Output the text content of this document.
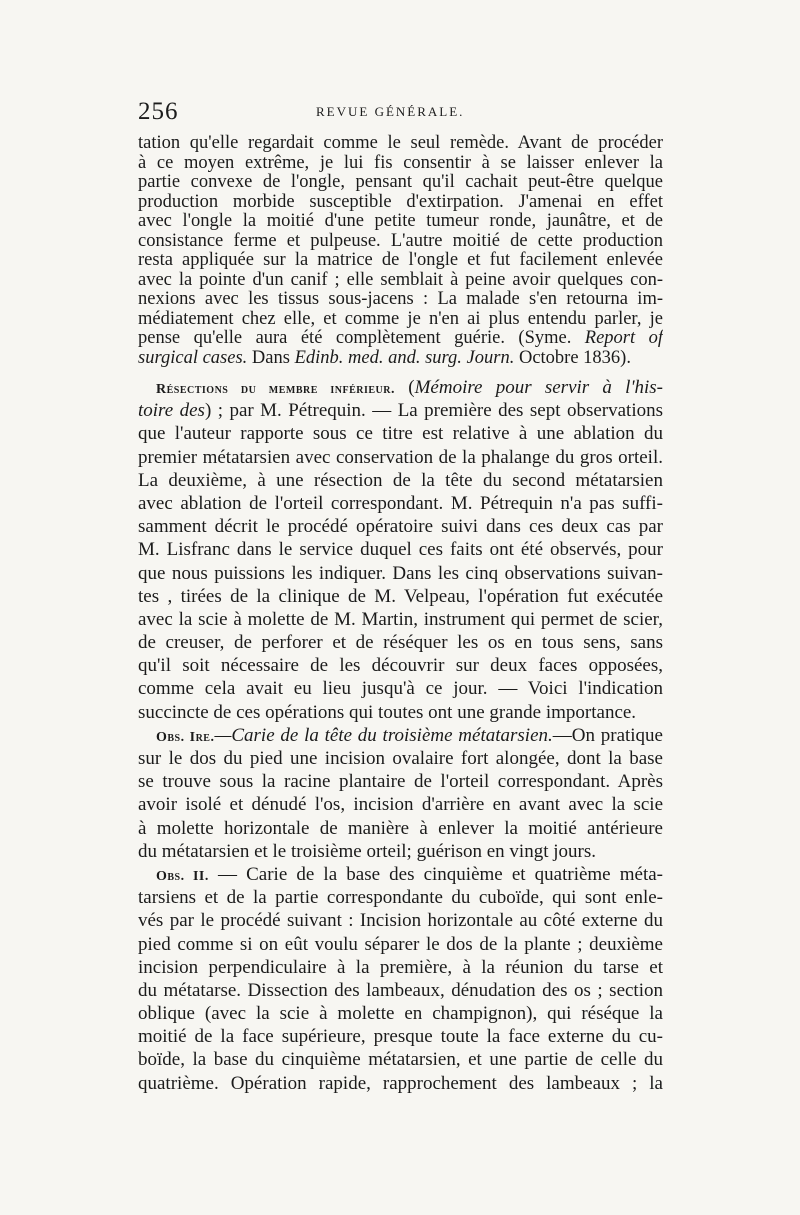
256	REVUE GÉNÉRALE.
tation qu'elle regardait comme le seul remède. Avant de procéder
à ce moyen extrême, je lui fis consentir à se laisser enlever la
partie convexe de l'ongle, pensant qu'il cachait peut-être quelque
production morbide susceptible d'extirpation. J'amenai en effet
avec l'ongle la moitié d'une petite tumeur ronde, jaunâtre, et de
consistance ferme et pulpeuse. L'autre moitié de cette production
resta appliquée sur la matrice de l'ongle et fut facilement enlevée
avec la pointe d'un canif ; elle semblait à peine avoir quelques con-
nexions avec les tissus sous-jacens : La malade s'en retourna im-
médiatement chez elle, et comme je n'en ai plus entendu parler, je
pense qu'elle aura été complètement guérie. (Syme. Report of
surgical cases. Dans Edinb. med. and. surg. Journ. Octobre 1836).
Résections du membre inférieur. (Mémoire pour servir à l'his-
toire des) ; par M. Pétrequin. — La première des sept observations
que l'auteur rapporte sous ce titre est relative à une ablation du
premier métatarsien avec conservation de la phalange du gros orteil.
La deuxième, à une résection de la tête du second métatarsien
avec ablation de l'orteil correspondant. M. Pétrequin n'a pas suffi-
samment décrit le procédé opératoire suivi dans ces deux cas par
M. Lisfranc dans le service duquel ces faits ont été observés, pour
que nous puissions les indiquer. Dans les cinq observations suivan-
tes , tirées de la clinique de M. Velpeau, l'opération fut exécutée
avec la scie à molette de M. Martin, instrument qui permet de scier,
de creuser, de perforer et de réséquer les os en tous sens, sans
qu'il soit nécessaire de les découvrir sur deux faces opposées,
comme cela avait eu lieu jusqu'à ce jour. — Voici l'indication
succincte de ces opérations qui toutes ont une grande importance.
Obs. Ire.—Carie de la tête du troisième métatarsien.—On pratique
sur le dos du pied une incision ovalaire fort alongée, dont la base
se trouve sous la racine plantaire de l'orteil correspondant. Après
avoir isolé et dénudé l'os, incision d'arrière en avant avec la scie
à molette horizontale de manière à enlever la moitié antérieure
du métatarsien et le troisième orteil; guérison en vingt jours.
Obs. II. — Carie de la base des cinquième et quatrième méta-
tarsiens et de la partie correspondante du cuboïde, qui sont enle-
vés par le procédé suivant : Incision horizontale au côté externe du
pied comme si on eût voulu séparer le dos de la plante ; deuxième
incision perpendiculaire à la première, à la réunion du tarse et
du métatarse. Dissection des lambeaux, dénudation des os ; section
oblique (avec la scie à molette en champignon), qui réséque la
moitié de la face supérieure, presque toute la face externe du cu-
boïde, la base du cinquième métatarsien, et une partie de celle du
quatrième. Opération rapide, rapprochement des lambeaux ; la
